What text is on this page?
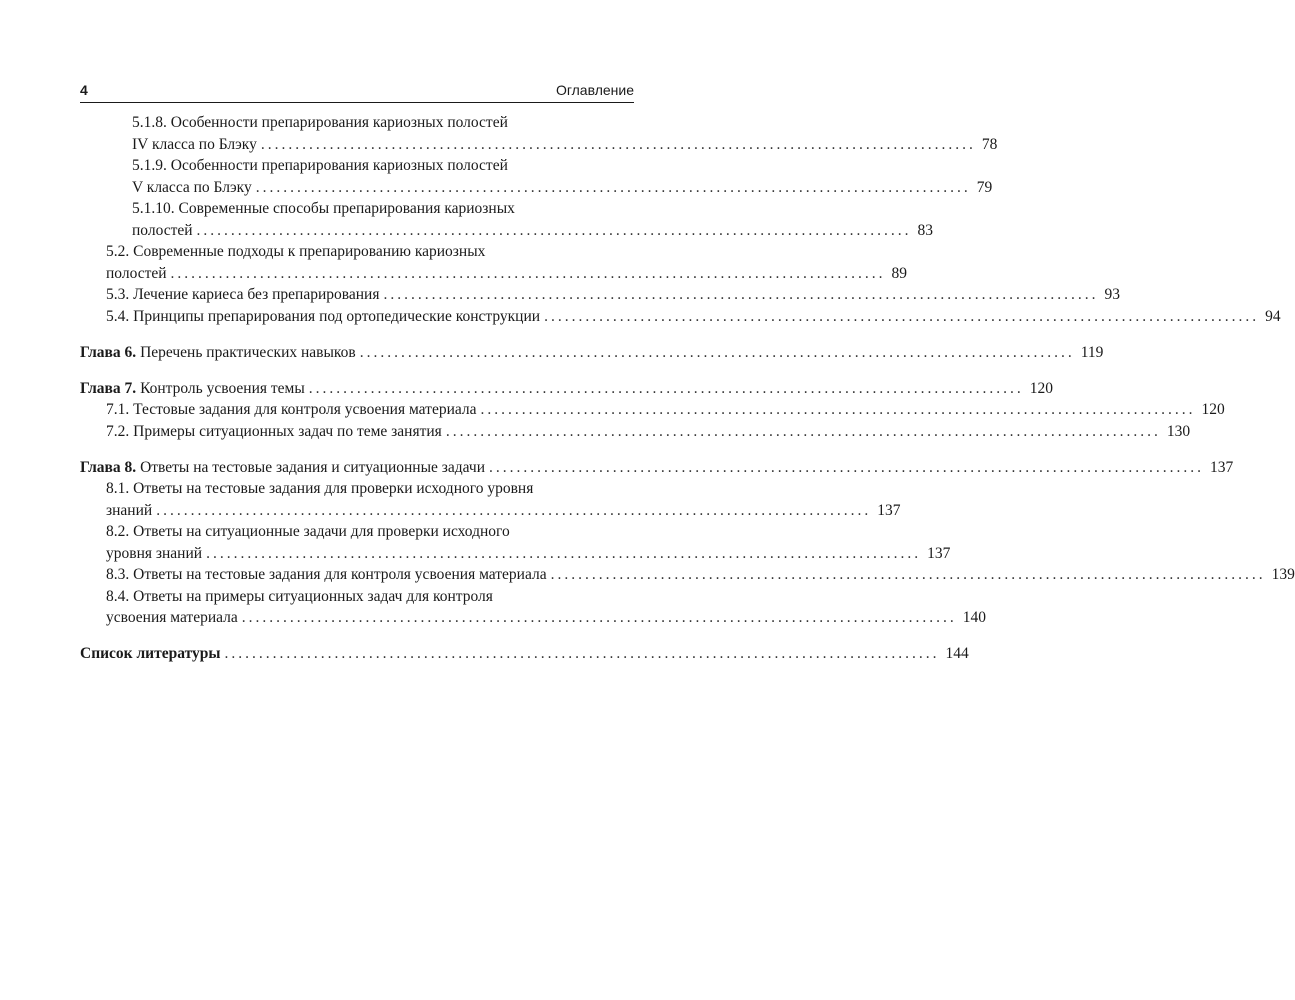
4	Оглавление
5.1.8. Особенности препарирования кариозных полостей
IV класса по Блэку ........................................................................................................ 78
5.1.9. Особенности препарирования кариозных полостей
V класса по Блэку ........................................................................................................ 79
5.1.10. Современные способы препарирования кариозных
полостей ........................................................................................................ 83
5.2. Современные подходы к препарированию кариозных
полостей ........................................................................................................ 89
5.3. Лечение кариеса без препарирования ........................................................................................................ 93
5.4. Принципы препарирования под ортопедические конструкции ........................................................................................................ 94
Глава 6. Перечень практических навыков ........................................................................................................ 119
Глава 7. Контроль усвоения темы ........................................................................................................ 120
7.1. Тестовые задания для контроля усвоения материала ........................................................................................................ 120
7.2. Примеры ситуационных задач по теме занятия ........................................................................................................ 130
Глава 8. Ответы на тестовые задания и ситуационные задачи ........................................................................................................ 137
8.1. Ответы на тестовые задания для проверки исходного уровня
знаний ........................................................................................................ 137
8.2. Ответы на ситуационные задачи для проверки исходного
уровня знаний ........................................................................................................ 137
8.3. Ответы на тестовые задания для контроля усвоения материала ........................................................................................................ 139
8.4. Ответы на примеры ситуационных задач для контроля
усвоения материала ........................................................................................................ 140
Список литературы ........................................................................................................ 144
